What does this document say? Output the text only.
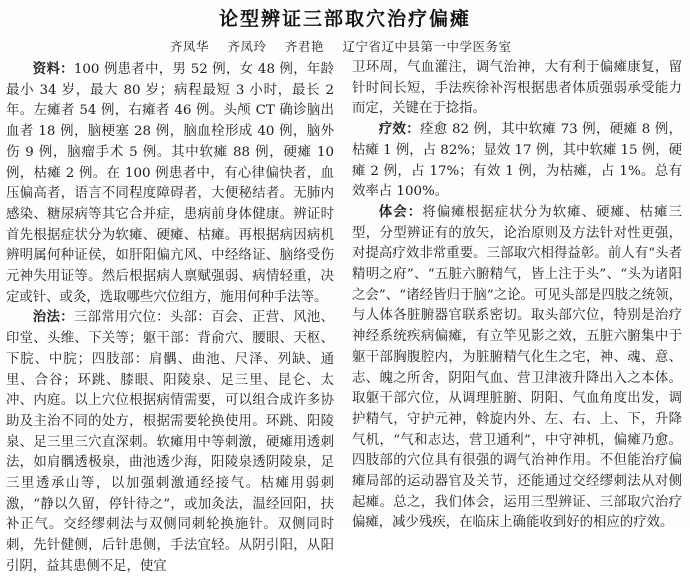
论型辨证三部取穴治疗偏瘫
齐凤华 齐凤玲 齐君艳 辽宁省辽中县第一中学医务室

资料：100 例患者中，男 52 例，女 48 例，年龄最小 34 岁，最大 80 岁；病程最短 3 小时，最长 2 年。左瘫者 54 例，右瘫者 46 例。头颅 CT 确诊脑出血者 18 例，脑梗塞 28 例，脑血栓形成 40 例，脑外伤 9 例，脑瘤手术 5 例。其中软瘫 88 例，硬瘫 10 例，枯瘫 2 例。在 100 例患者中，有心律偏快者，血压偏高者，语言不同程度障碍者，大便秘结者。无肺内感染、糖尿病等其它合并症，患病前身体健康。辨证时首先根据症状分为软瘫、硬瘫、枯瘫。再根据病因病机辨明属何种证侯，如肝阳偏亢风、中经络证、脑络受伤元神失用证等。然后根据病人禀赋强弱、病情轻重，决定或针、或灸，选取哪些穴位组方，施用何种手法等。

治法：三部常用穴位：头部：百会、正营、风池、印堂、头维、下关等；躯干部：背俞穴、腰眼、天枢、下脘、中脘；四肢部：肩髃、曲池、尺泽、列缺、通里、合谷；环跳、膝眼、阳陵泉、足三里、昆仑、太冲、内庭。以上穴位根据病情需要，可以组合成许多协助及主治不同的处方，根据需要轮换使用。环跳、阳陵泉、足三里三穴直深刺。软瘫用中等刺激，硬瘫用透刺法，如肩髃透极泉，曲池透少海，阳陵泉透阴陵泉，足三里透承山等，以加强刺激通经接气。枯瘫用弱刺激，“静以久留，停针待之”，或加灸法，温经回阳，扶补正气。交经缪刺法与双侧同刺轮换施针。双侧同时刺，先针健侧，后针患侧，手法宜轻。从阴引阳，从阳引阴，益其患侧不足，使宜

卫环周，气血灌注，调气治神，大有利于偏瘫康复，留针时间长短，手法疾徐补泻根据患者体质强弱承受能力而定，关键在于捻指。

疗效：痊愈 82 例，其中软瘫 73 例，硬瘫 8 例，枯瘫 1 例，占 82%；显效 17 例，其中软瘫 15 例，硬瘫 2 例，占 17%；有效 1 例，为枯瘫，占 1%。总有效率占 100%。

体会：将偏瘫根据症状分为软瘫、硬瘫、枯瘫三型，分型辨证有的放矢，论治原则及方法针对性更强，对提高疗效非常重要。三部取穴相得益彰。前人有“头者精明之府”、“五脏六腑精气，皆上注于头”、“头为诸阳之会”、“诸经皆归于脑”之论。可见头部是四肢之统领，与人体各脏腑器官联系密切。取头部穴位，特别是治疗神经系统疾病偏瘫，有立竿见影之效，五脏六腑集中于躯干部胸腹腔内，为脏腑精气化生之宅，神、魂、意、志、魄之所舍，阴阳气血、营卫津液升降出入之本体。取躯干部穴位，从调理脏腑、阴阳、气血角度出发，调护精气，守护元神，斡旋内外、左、右、上、下，升降气机，“气和志达，营卫通利”，中守神机，偏瘫乃愈。四肢部的穴位具有很强的调气治神作用。不但能治疗偏瘫局部的运动器官及关节，还能通过交经缪刺法从对侧起瘫。总之，我们体会，运用三型辨证、三部取穴治疗偏瘫，减少残疾，在临床上确能收到好的相应的疗效。
